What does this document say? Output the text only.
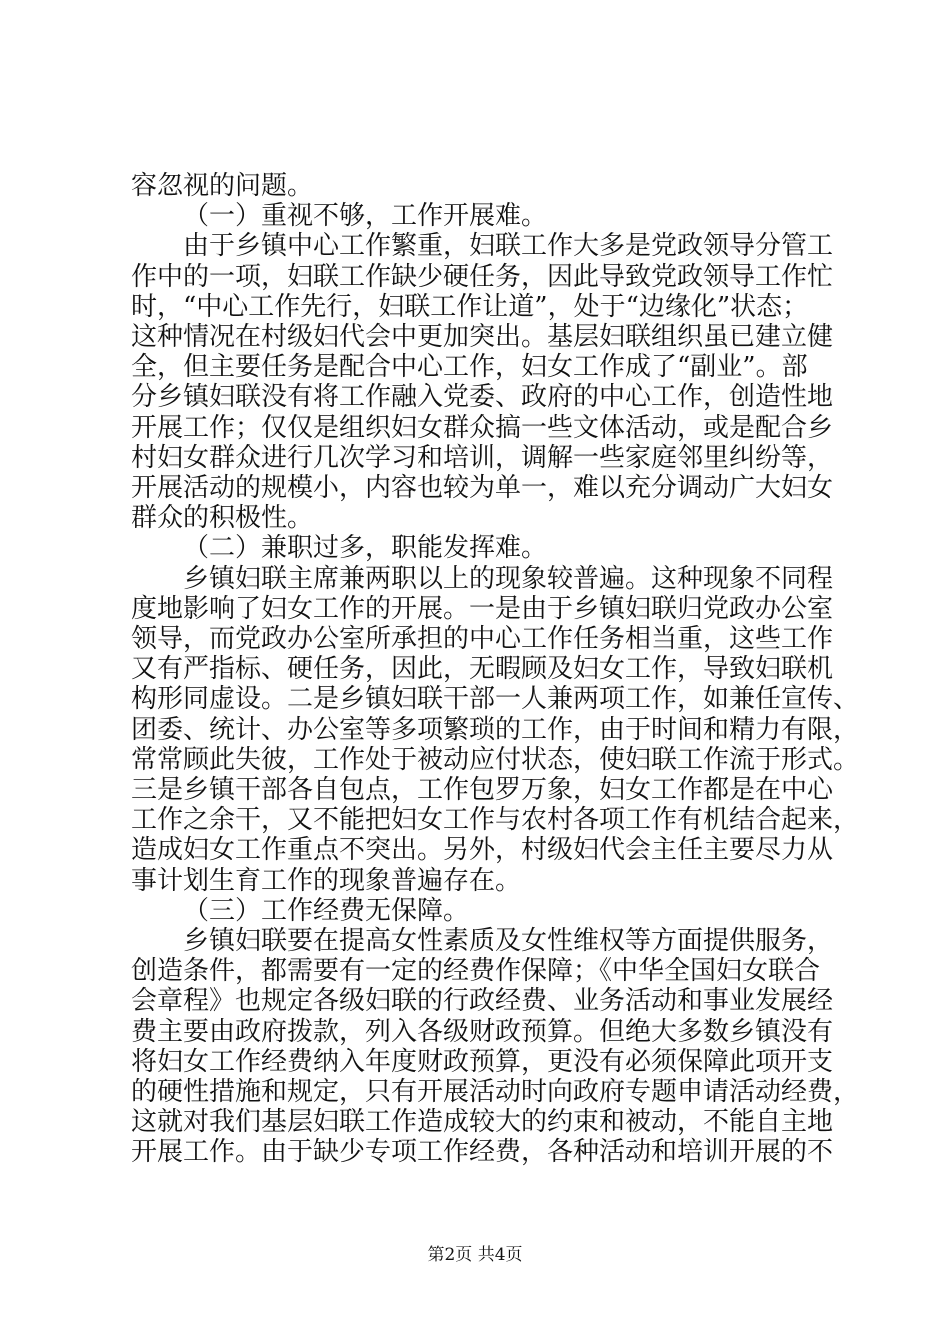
容忽视的问题。
（一）重视不够，工作开展难。
由于乡镇中心工作繁重，妇联工作大多是党政领导分管工
作中的一项，妇联工作缺少硬任务，因此导致党政领导工作忙
时，“中心工作先行，妇联工作让道”，处于“边缘化”状态；
这种情况在村级妇代会中更加突出。基层妇联组织虽已建立健
全，但主要任务是配合中心工作，妇女工作成了“副业”。部
分乡镇妇联没有将工作融入党委、政府的中心工作，创造性地
开展工作；仅仅是组织妇女群众搞一些文体活动，或是配合乡
村妇女群众进行几次学习和培训，调解一些家庭邻里纠纷等，
开展活动的规模小，内容也较为单一，难以充分调动广大妇女
群众的积极性。
（二）兼职过多，职能发挥难。
乡镇妇联主席兼两职以上的现象较普遍。这种现象不同程
度地影响了妇女工作的开展。一是由于乡镇妇联归党政办公室
领导，而党政办公室所承担的中心工作任务相当重，这些工作
又有严指标、硬任务，因此，无暇顾及妇女工作，导致妇联机
构形同虚设。二是乡镇妇联干部一人兼两项工作，如兼任宣传、
团委、统计、办公室等多项繁琐的工作，由于时间和精力有限，
常常顾此失彼，工作处于被动应付状态，使妇联工作流于形式。
三是乡镇干部各自包点，工作包罗万象，妇女工作都是在中心
工作之余干，又不能把妇女工作与农村各项工作有机结合起来，
造成妇女工作重点不突出。另外，村级妇代会主任主要尽力从
事计划生育工作的现象普遍存在。
（三）工作经费无保障。
乡镇妇联要在提高女性素质及女性维权等方面提供服务，
创造条件，都需要有一定的经费作保障；《中华全国妇女联合
会章程》也规定各级妇联的行政经费、业务活动和事业发展经
费主要由政府拨款，列入各级财政预算。但绝大多数乡镇没有
将妇女工作经费纳入年度财政预算，更没有必须保障此项开支
的硬性措施和规定，只有开展活动时向政府专题申请活动经费，
这就对我们基层妇联工作造成较大的约束和被动，不能自主地
开展工作。由于缺少专项工作经费，各种活动和培训开展的不
第2页 共4页
